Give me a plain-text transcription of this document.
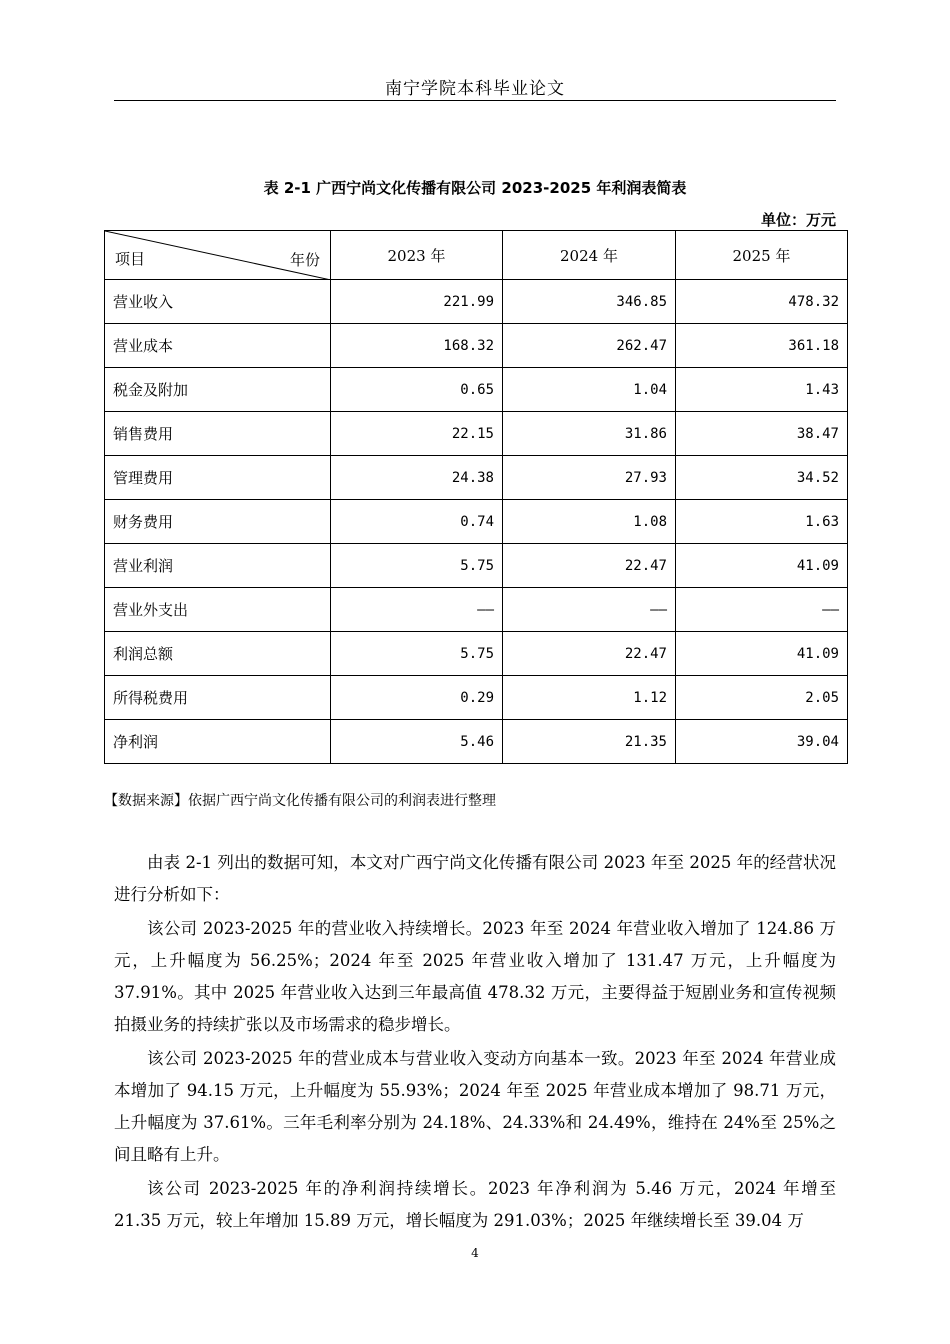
南宁学院本科毕业论文
表 2-1 广西宁尚文化传播有限公司 2023-2025 年利润表简表
单位：万元
项目 年份	2023 年	2024 年	2025 年
营业收入	221.99	346.85	478.32
营业成本	168.32	262.47	361.18
税金及附加	0.65	1.04	1.43
销售费用	22.15	31.86	38.47
管理费用	24.38	27.93	34.52
财务费用	0.74	1.08	1.63
营业利润	5.75	22.47	41.09
营业外支出	——	——	——
利润总额	5.75	22.47	41.09
所得税费用	0.29	1.12	2.05
净利润	5.46	21.35	39.04
【数据来源】依据广西宁尚文化传播有限公司的利润表进行整理

由表 2-1 列出的数据可知，本文对广西宁尚文化传播有限公司 2023 年至 2025 年的经营状况进行分析如下：

该公司 2023-2025 年的营业收入持续增长。2023 年至 2024 年营业收入增加了 124.86 万元，上升幅度为 56.25%；2024 年至 2025 年营业收入增加了 131.47 万元，上升幅度为 37.91%。其中 2025 年营业收入达到三年最高值 478.32 万元，主要得益于短剧业务和宣传视频拍摄业务的持续扩张以及市场需求的稳步增长。

该公司 2023-2025 年的营业成本与营业收入变动方向基本一致。2023 年至 2024 年营业成本增加了 94.15 万元，上升幅度为 55.93%；2024 年至 2025 年营业成本增加了 98.71 万元，上升幅度为 37.61%。三年毛利率分别为 24.18%、24.33%和 24.49%，维持在 24%至 25%之间且略有上升。

该公司 2023-2025 年的净利润持续增长。2023 年净利润为 5.46 万元，2024 年增至 21.35 万元，较上年增加 15.89 万元，增长幅度为 291.03%；2025 年继续增长至 39.04 万

4
